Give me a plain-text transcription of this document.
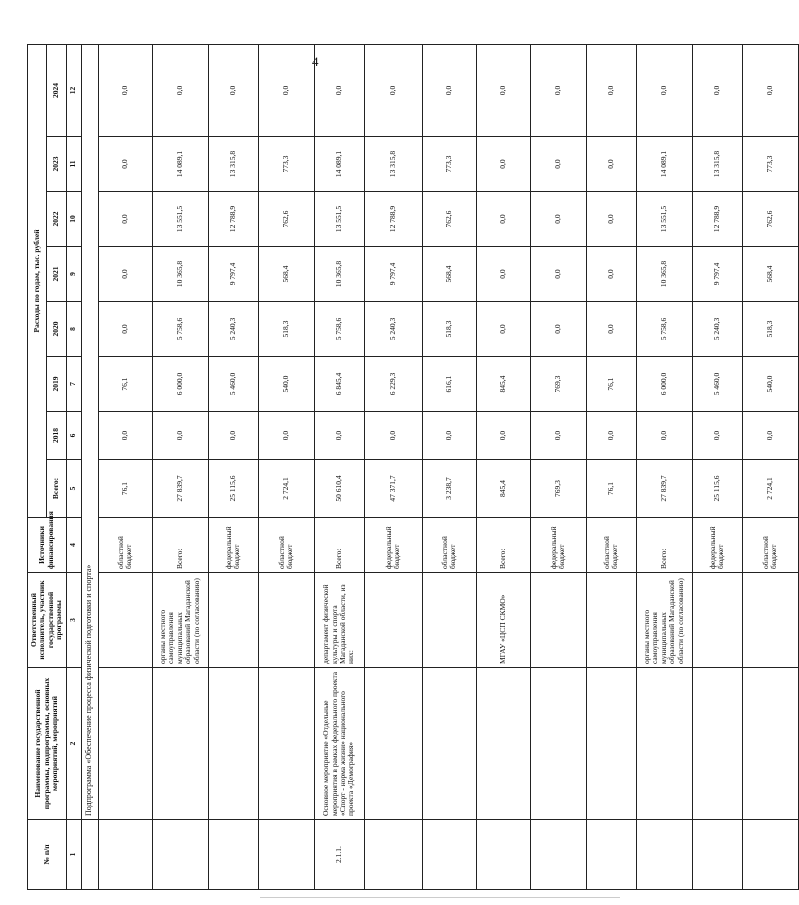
4
№ п/п	Наименование государственной программы, подпрограммы, основных мероприятий, мероприятий	Ответственный исполнитель, участник государственной программы	Источники финансирования	Расходы по годам, тыс. рублей							
				Всего:	2018	2019	2020	2021	2022	2023	2024
1	2	3	4	5	6	7	8	9	10	11	12
	Подпрограмма «Обеспечение процесса физической подготовки и спорта»										
			областной бюджет	76,1	0,0	76,1	0,0	0,0	0,0	0,0	0,0
		органы местного самоуправления муниципальных образований Магаданской области (по согласованию)	Всего:	27 839,7	0,0	6 000,0	5 758,6	10 365,8	13 551,5	14 089,1	0,0
			федеральный бюджет	25 115,6	0,0	5 460,0	5 240,3	9 797,4	12 788,9	13 315,8	0,0
			областной бюджет	2 724,1	0,0	540,0	518,3	568,4	762,6	773,3	0,0
2.1.1.	Основное мероприятие «Отдельные мероприятия в рамках федерального проекта «Спорт - норма жизни» национального проекта «Демография»	департамент физической культуры и спорта Магаданской области, из них:	Всего:	50 610,4	0,0	6 845,4	5 758,6	10 365,8	13 551,5	14 089,1	0,0
			федеральный бюджет	47 371,7	0,0	6 229,3	5 240,3	9 797,4	12 788,9	13 315,8	0,0
			областной бюджет	3 238,7	0,0	616,1	518,3	568,4	762,6	773,3	0,0
		МГАУ «ЦСП СКМО»	Всего:	845,4	0,0	845,4	0,0	0,0	0,0	0,0	0,0
			федеральный бюджет	769,3	0,0	769,3	0,0	0,0	0,0	0,0	0,0
			областной бюджет	76,1	0,0	76,1	0,0	0,0	0,0	0,0	0,0
		органы местного самоуправления муниципальных образований Магаданской области (по согласованию)	Всего:	27 839,7	0,0	6 000,0	5 758,6	10 365,8	13 551,5	14 089,1	0,0
			федеральный бюджет	25 115,6	0,0	5 460,0	5 240,3	9 797,4	12 788,9	13 315,8	0,0
			областной бюджет	2 724,1	0,0	540,0	518,3	568,4	762,6	773,3	0,0
